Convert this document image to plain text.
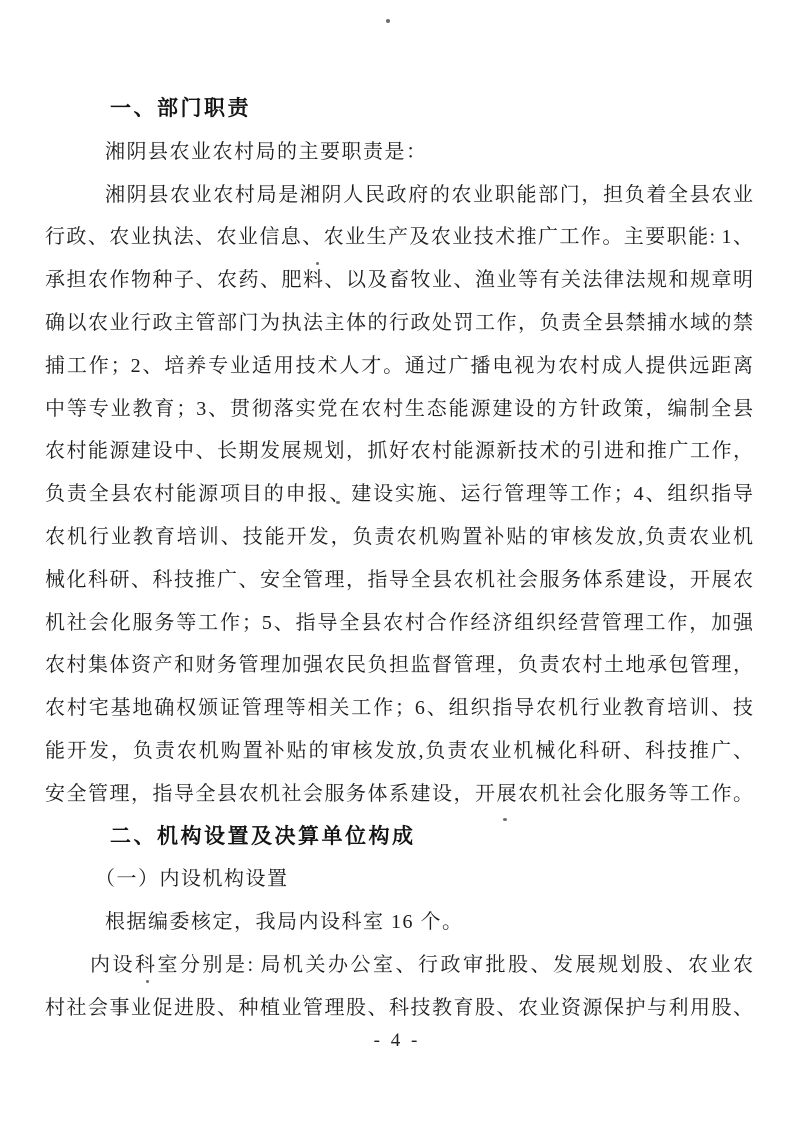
一、部门职责
湘阴县农业农村局的主要职责是：
湘阴县农业农村局是湘阴人民政府的农业职能部门，担负着全县农业
行政、农业执法、农业信息、农业生产及农业技术推广工作。主要职能: 1、
承担农作物种子、农药、肥料、以及畜牧业、渔业等有关法律法规和规章明
确以农业行政主管部门为执法主体的行政处罚工作，负责全县禁捕水域的禁
捕工作；2、培养专业适用技术人才。通过广播电视为农村成人提供远距离
中等专业教育；3、贯彻落实党在农村生态能源建设的方针政策，编制全县
农村能源建设中、长期发展规划，抓好农村能源新技术的引进和推广工作，
负责全县农村能源项目的申报、建设实施、运行管理等工作；4、组织指导
农机行业教育培训、技能开发，负责农机购置补贴的审核发放,负责农业机
械化科研、科技推广、安全管理，指导全县农机社会服务体系建设，开展农
机社会化服务等工作；5、指导全县农村合作经济组织经营管理工作，加强
农村集体资产和财务管理加强农民负担监督管理，负责农村土地承包管理，
农村宅基地确权颁证管理等相关工作；6、组织指导农机行业教育培训、技
能开发，负责农机购置补贴的审核发放,负责农业机械化科研、科技推广、
安全管理，指导全县农机社会服务体系建设，开展农机社会化服务等工作。
二、机构设置及决算单位构成
（一）内设机构设置
根据编委核定，我局内设科室 16 个。
内设科室分别是: 局机关办公室、行政审批股、发展规划股、农业农
村社会事业促进股、种植业管理股、科技教育股、农业资源保护与利用股、
- 4 -
